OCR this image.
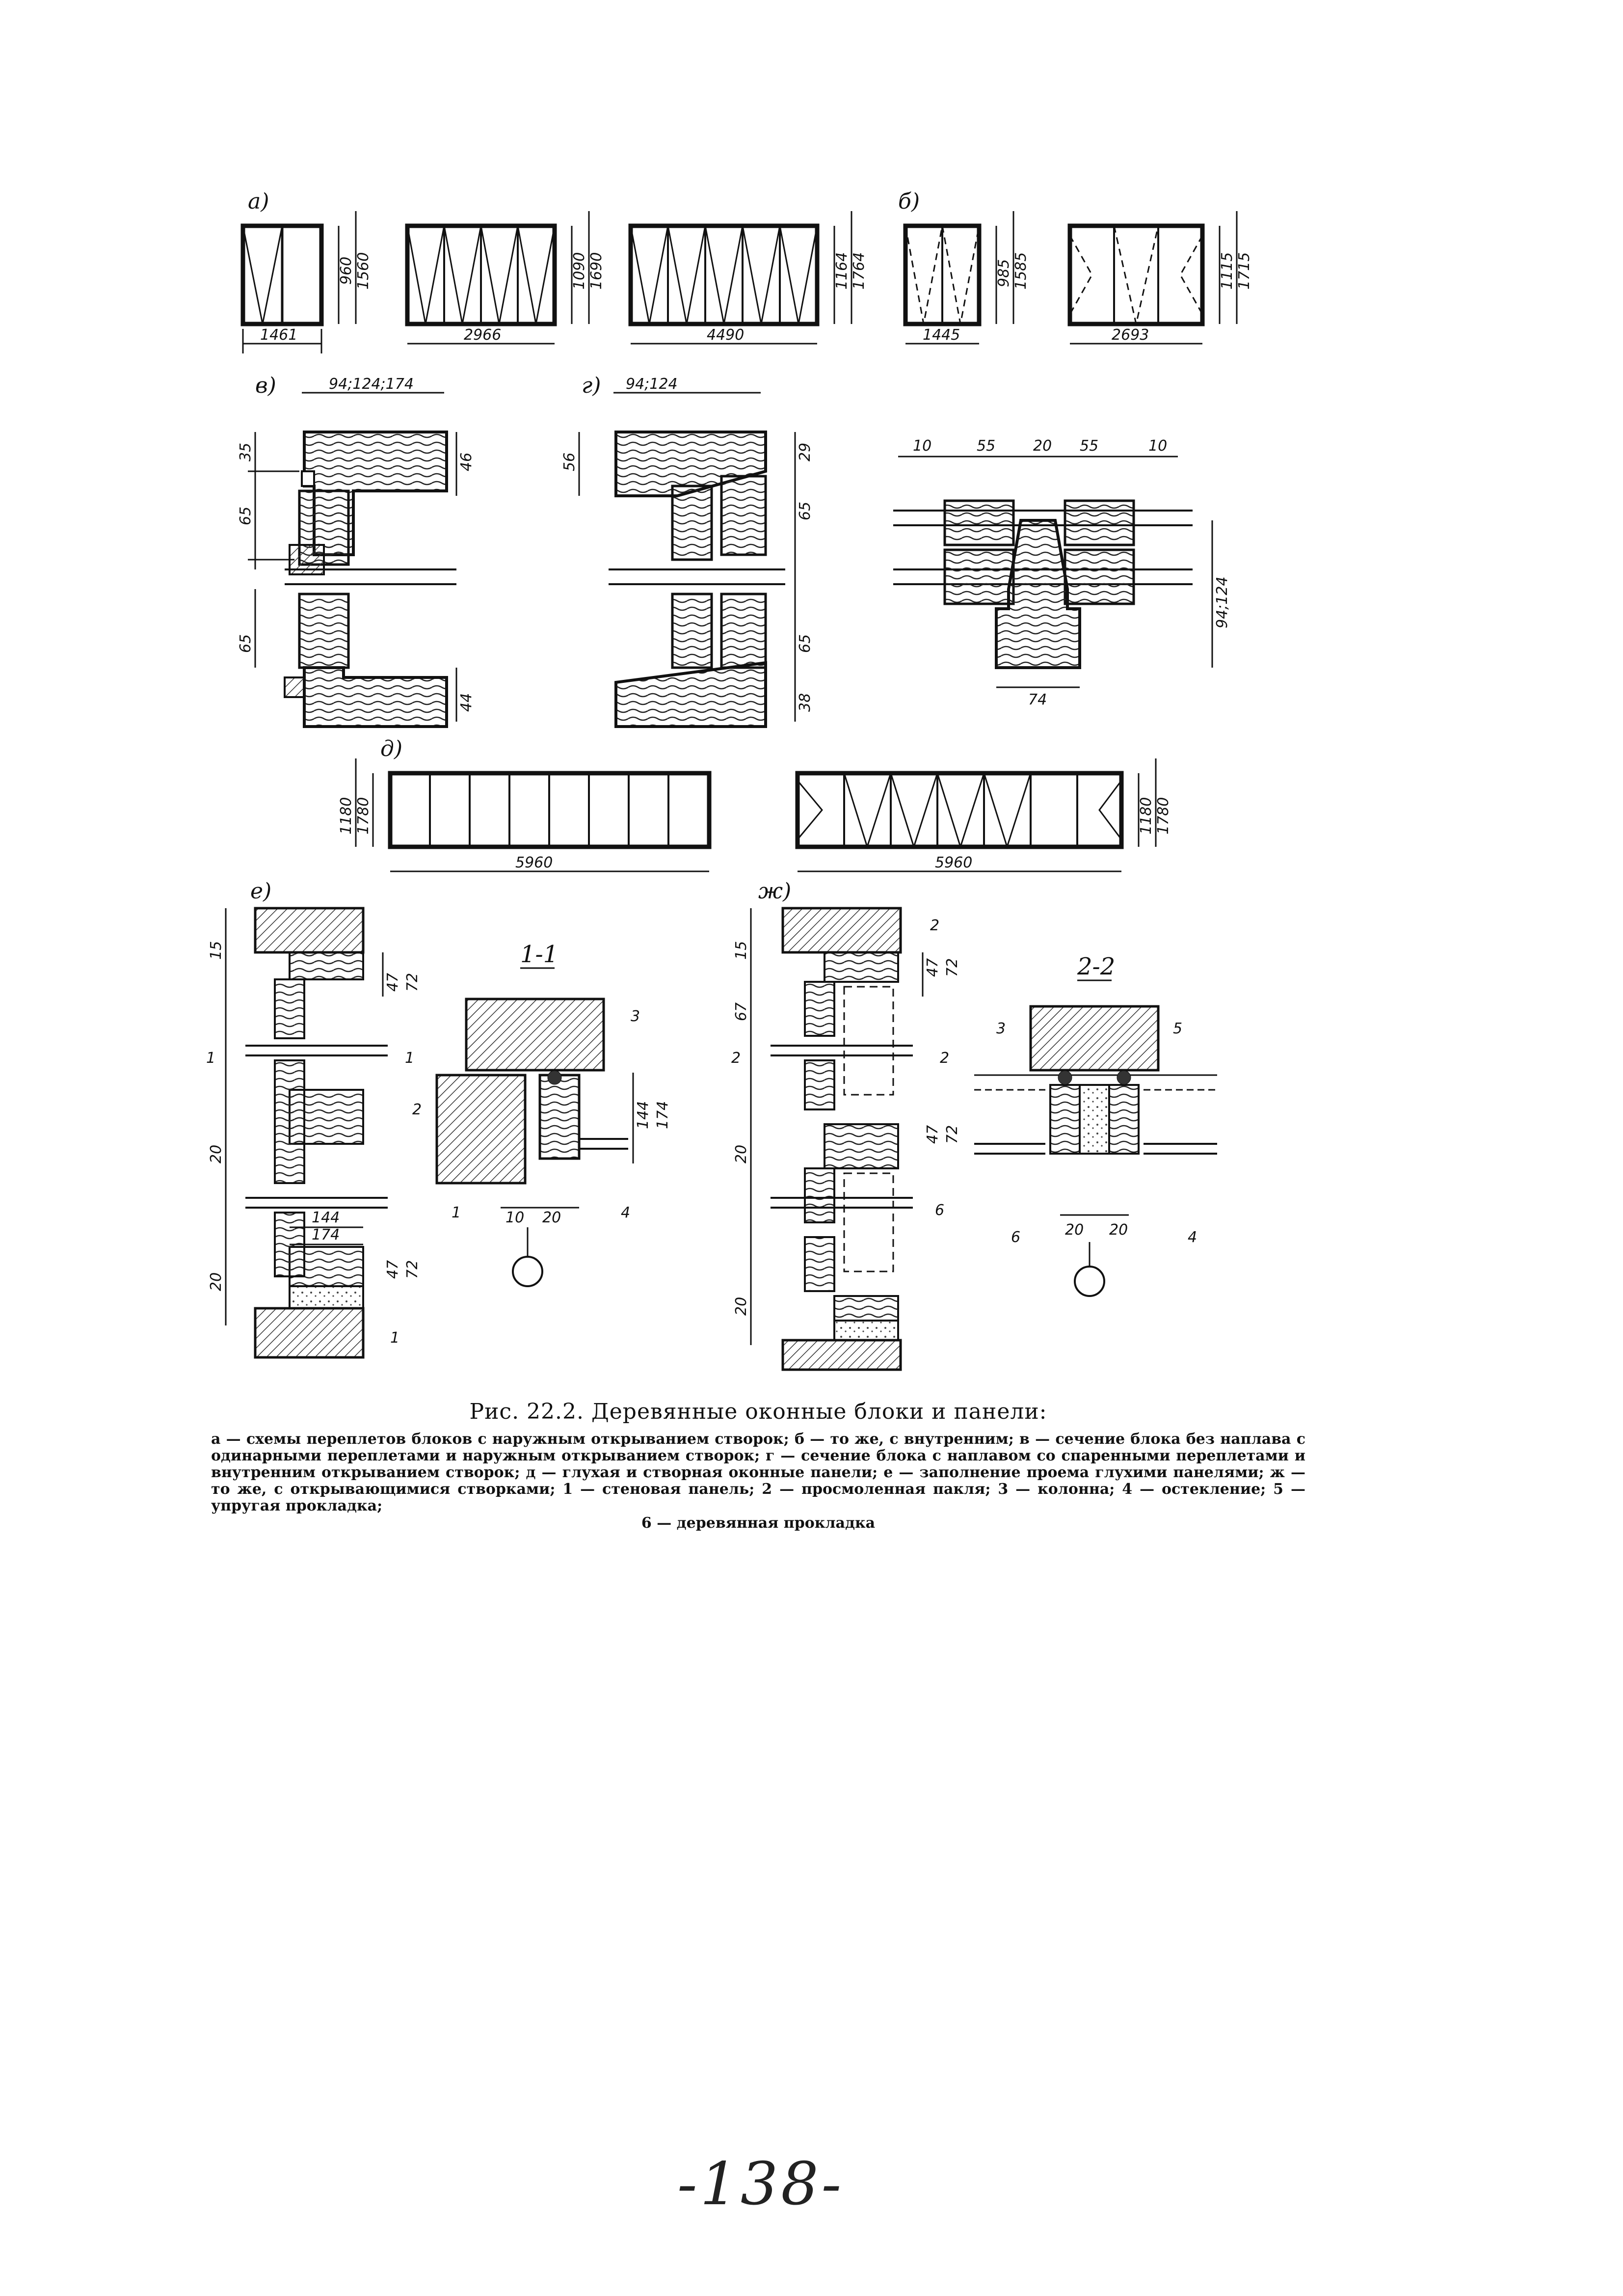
а)
1461
960 1560
2966
1090 1690
4490
1164 1764
б)
1445
985 1585
2693
1115 1715
в)	94;124;174
35
65
65
46
44
г) 94;124
56
29
65
65
38
10	55	20 55	10
74
94;124
д)
5960
1180 1780
5960
1180 1780
е)
15
20
20
1	1
47 72
47 72
144
174
1
1-1
144 174
3
2
1	4
10 20
ж)
15
67
20
20
2	2
47 72
47 72
2
6
2-2
3	5
6	4
20 20

Рис. 22.2. Деревянные оконные блоки и панели:

а — схемы переплетов блоков с наружным открыванием створок; б — то же, с внутренним; в — сечение блока без наплава с одинарными переплетами и наружным открыванием створок; г — сечение блока с наплавом со спаренными переплетами и внутренним открыванием створок; д — глухая и створная оконные панели; е — заполнение проема глухими панелями; ж — то же, с открывающимися створками; 1 — стеновая панель; 2 — просмоленная пакля; 3 — колонна; 4 — остекление; 5 — упругая прокладка;

6 — деревянная прокладка

-138-
